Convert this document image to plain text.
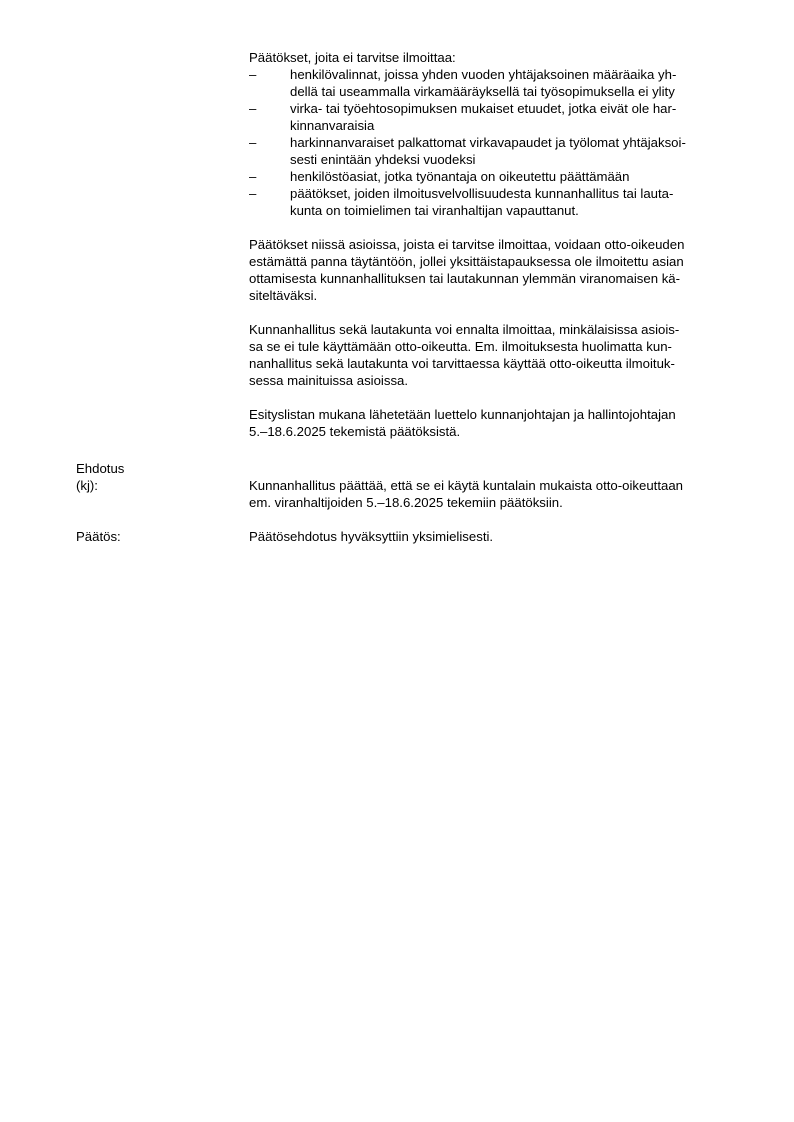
Päätökset, joita ei tarvitse ilmoittaa:

–	henkilövalinnat, joissa yhden vuoden yhtäjaksoinen määräaika yh-
dellä tai useammalla virkamääräyksellä tai työsopimuksella ei ylity
–	virka- tai työehtosopimuksen mukaiset etuudet, jotka eivät ole har-
kinnanvaraisia
–	harkinnanvaraiset palkattomat virkavapaudet ja työlomat yhtäjaksoi-
sesti enintään yhdeksi vuodeksi
–	henkilöstöasiat, jotka työnantaja on oikeutettu päättämään
–	päätökset, joiden ilmoitusvelvollisuudesta kunnanhallitus tai lauta-
kunta on toimielimen tai viranhaltijan vapauttanut.
Päätökset niissä asioissa, joista ei tarvitse ilmoittaa, voidaan otto-oikeuden
estämättä panna täytäntöön, jollei yksittäistapauksessa ole ilmoitettu asian
ottamisesta kunnanhallituksen tai lautakunnan ylemmän viranomaisen kä-
siteltäväksi.
Kunnanhallitus sekä lautakunta voi ennalta ilmoittaa, minkälaisissa asiois-
sa se ei tule käyttämään otto-oikeutta. Em. ilmoituksesta huolimatta kun-
nanhallitus sekä lautakunta voi tarvittaessa käyttää otto-oikeutta ilmoituk-
sessa mainituissa asioissa.
Esityslistan mukana lähetetään luettelo kunnanjohtajan ja hallintojohtajan
5.–18.6.2025 tekemistä päätöksistä.
Ehdotus
(kj):	Kunnanhallitus päättää, että se ei käytä kuntalain mukaista otto-oikeuttaan
em. viranhaltijoiden 5.–18.6.2025 tekemiin päätöksiin.
Päätös:	Päätösehdotus hyväksyttiin yksimielisesti.
